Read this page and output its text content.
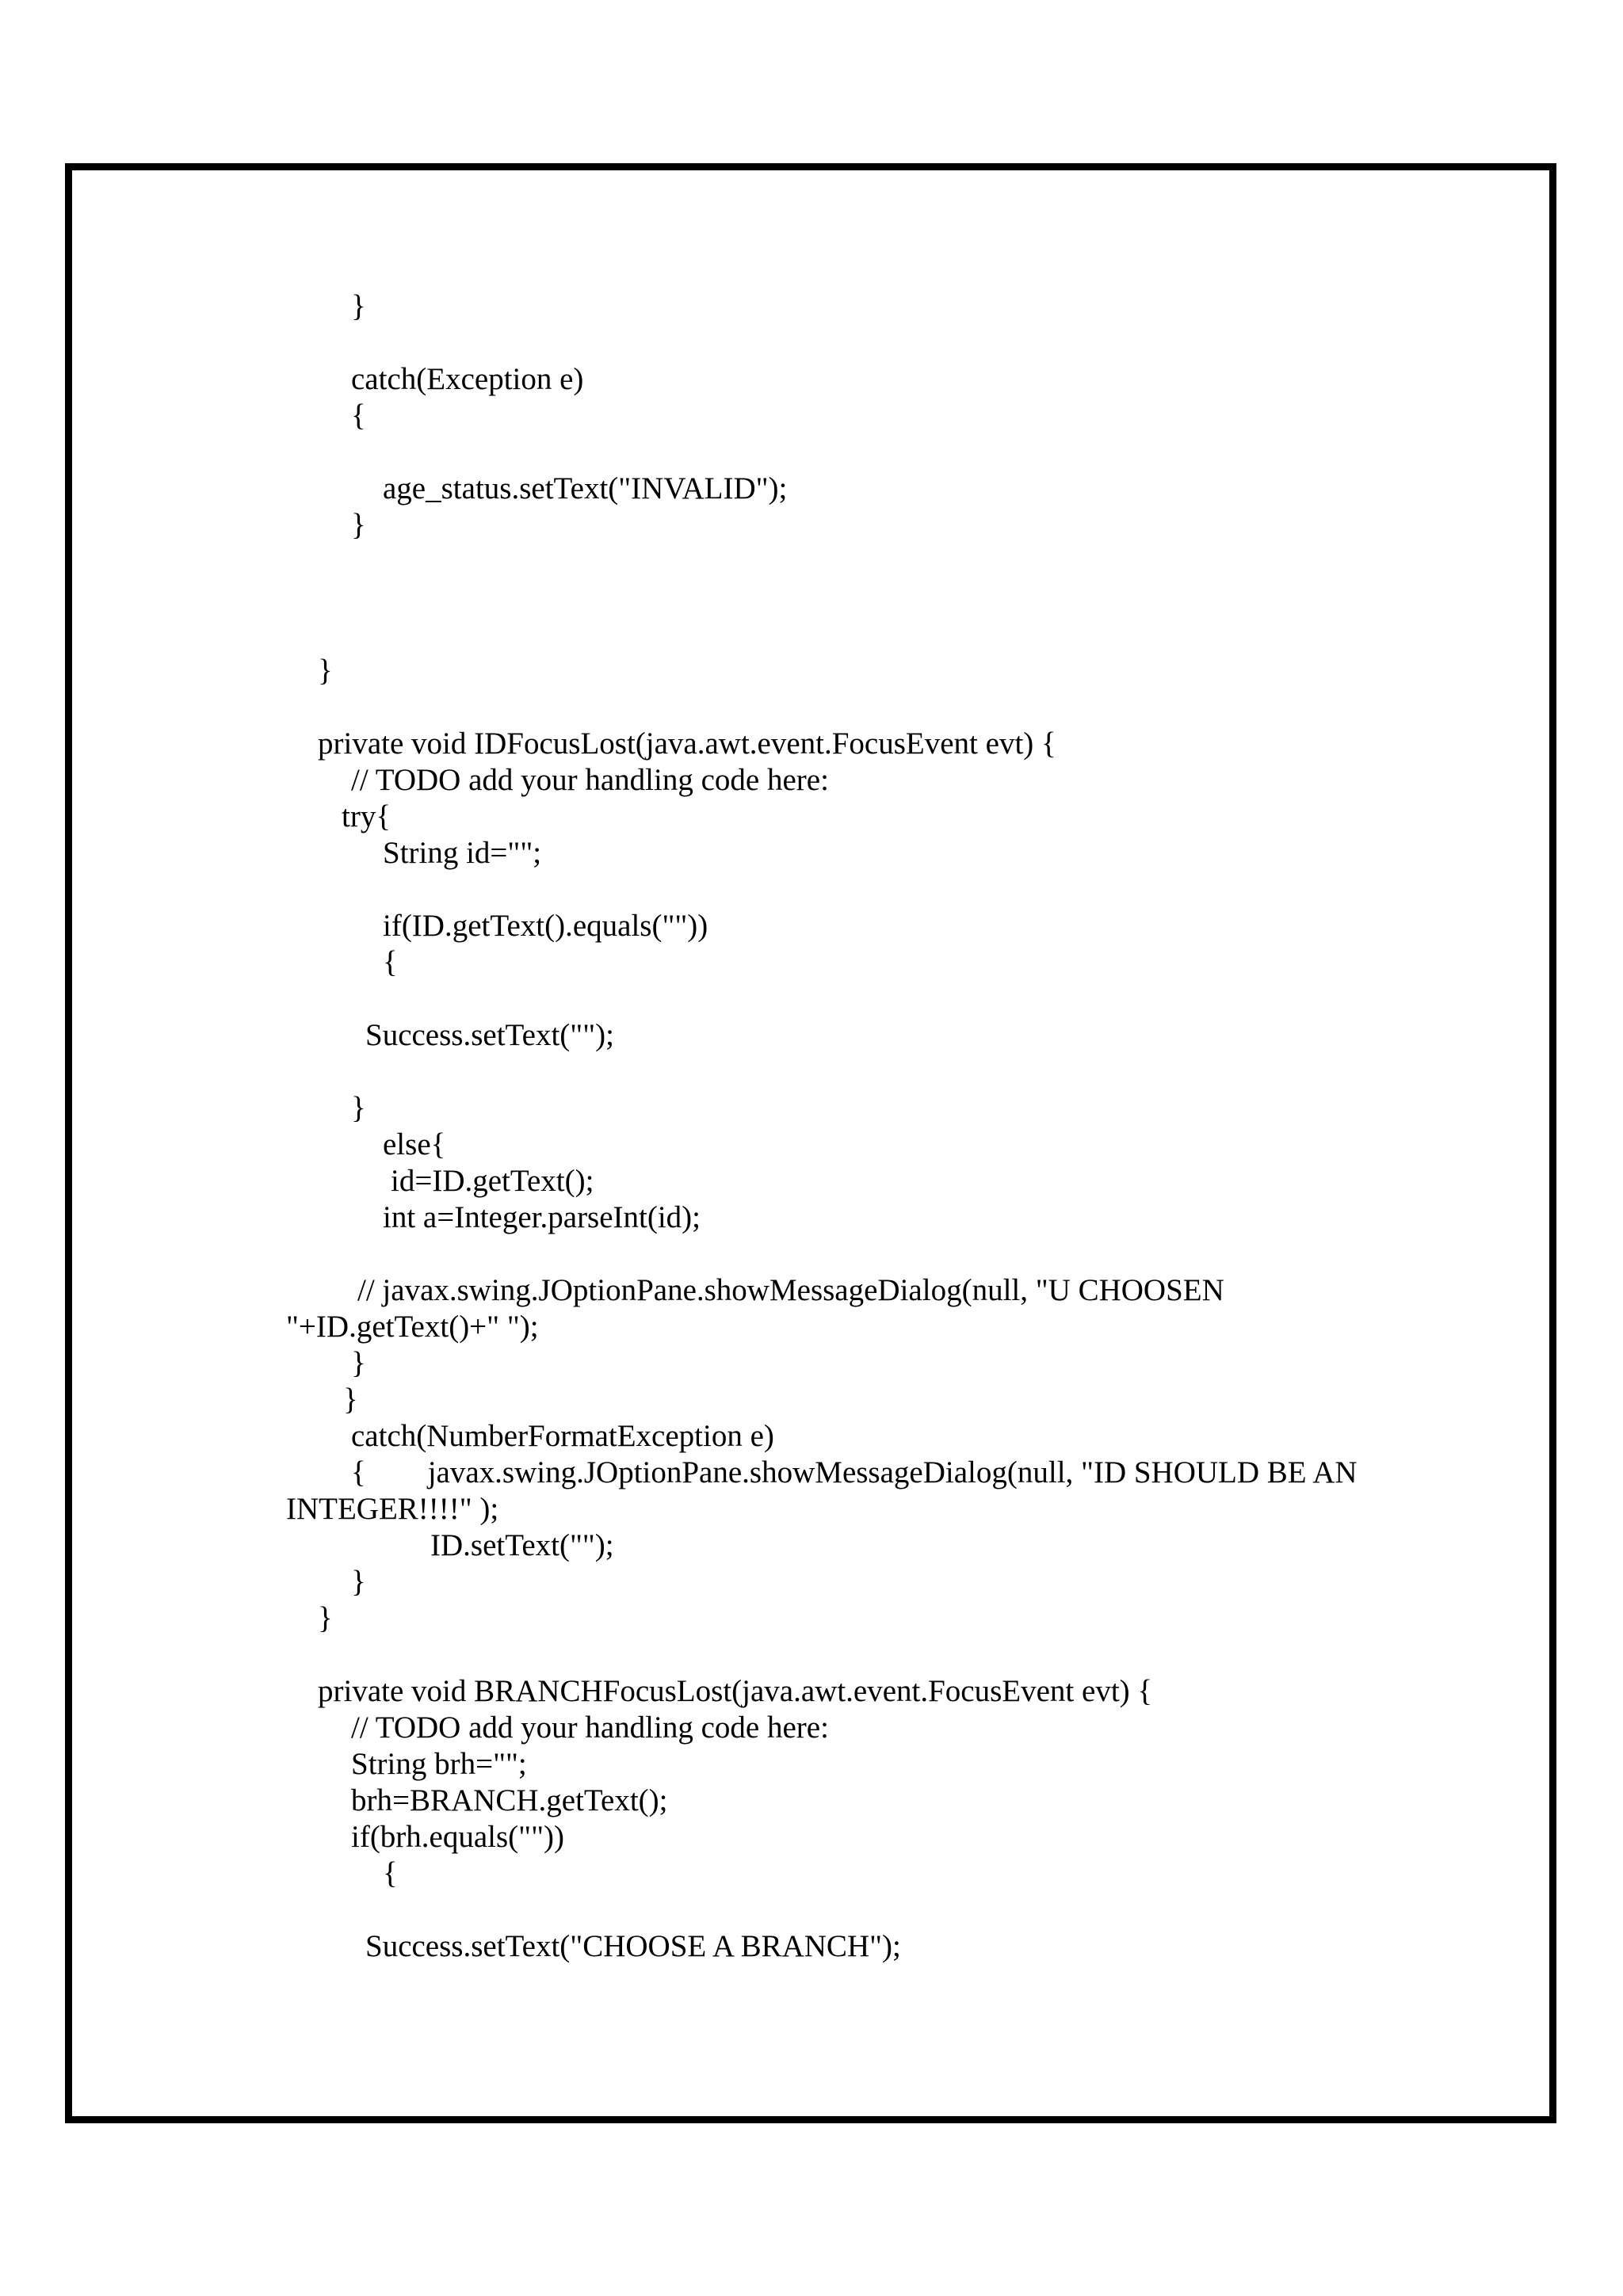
}

catch(Exception e)

{

age_status.setText("INVALID");

}

}

private void IDFocusLost(java.awt.event.FocusEvent evt) {

// TODO add your handling code here:

try{

String id="";

if(ID.getText().equals(""))

{

Success.setText("");

}

else{

id=ID.getText();

int a=Integer.parseInt(id);

// javax.swing.JOptionPane.showMessageDialog(null, "U CHOOSEN

"+ID.getText()+" ");

}

}

catch(NumberFormatException e)

{        javax.swing.JOptionPane.showMessageDialog(null, "ID SHOULD BE AN

INTEGER!!!!" );

ID.setText("");

}

}

private void BRANCHFocusLost(java.awt.event.FocusEvent evt) {

// TODO add your handling code here:

String brh="";

brh=BRANCH.getText();

if(brh.equals(""))

{

Success.setText("CHOOSE A BRANCH");
